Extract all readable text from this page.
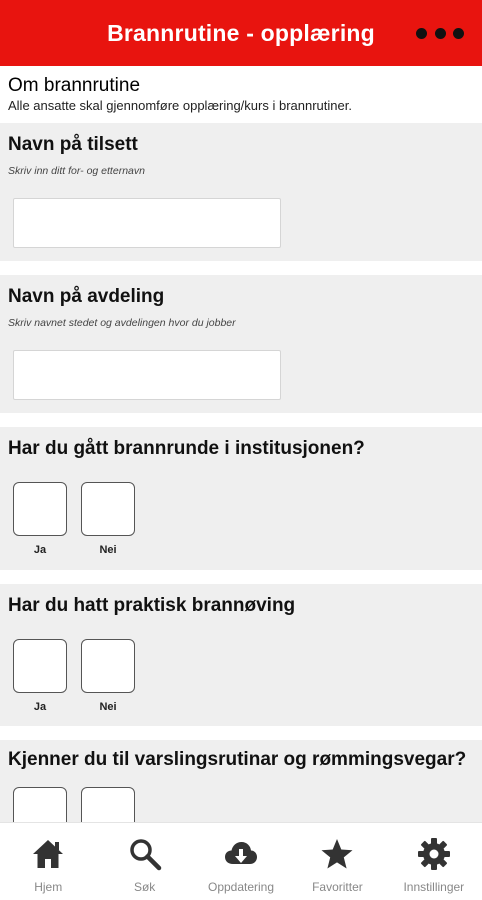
Brannrutine - opplæring
Om brannrutine
Alle ansatte skal gjennomføre opplæring/kurs i brannrutiner.
Navn på tilsett
Skriv inn ditt for- og etternavn
Navn på avdeling
Skriv navnet stedet og avdelingen hvor du jobber
Har du gått brannrunde i institusjonen?
Ja	Nei
Har du hatt praktisk brannøving
Ja	Nei
Kjenner du til varslingsrutinar og rømmingsvegar?
Hjem	Søk	Oppdatering	Favoritter	Innstillinger
